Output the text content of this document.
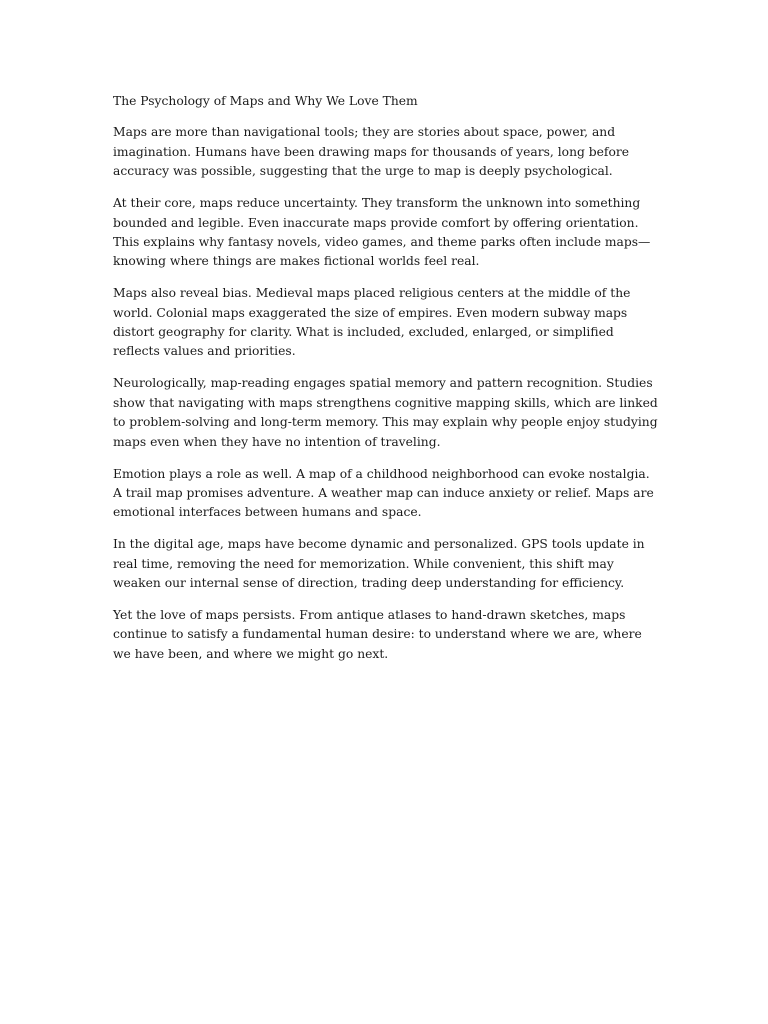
The Psychology of Maps and Why We Love Them

Maps are more than navigational tools; they are stories about space, power, and imagination. Humans have been drawing maps for thousands of years, long before accuracy was possible, suggesting that the urge to map is deeply psychological.

At their core, maps reduce uncertainty. They transform the unknown into something bounded and legible. Even inaccurate maps provide comfort by offering orientation. This explains why fantasy novels, video games, and theme parks often include maps—knowing where things are makes fictional worlds feel real.

Maps also reveal bias. Medieval maps placed religious centers at the middle of the world. Colonial maps exaggerated the size of empires. Even modern subway maps distort geography for clarity. What is included, excluded, enlarged, or simplified reflects values and priorities.

Neurologically, map-reading engages spatial memory and pattern recognition. Studies show that navigating with maps strengthens cognitive mapping skills, which are linked to problem-solving and long-term memory. This may explain why people enjoy studying maps even when they have no intention of traveling.

Emotion plays a role as well. A map of a childhood neighborhood can evoke nostalgia. A trail map promises adventure. A weather map can induce anxiety or relief. Maps are emotional interfaces between humans and space.

In the digital age, maps have become dynamic and personalized. GPS tools update in real time, removing the need for memorization. While convenient, this shift may weaken our internal sense of direction, trading deep understanding for efficiency.

Yet the love of maps persists. From antique atlases to hand-drawn sketches, maps continue to satisfy a fundamental human desire: to understand where we are, where we have been, and where we might go next.
